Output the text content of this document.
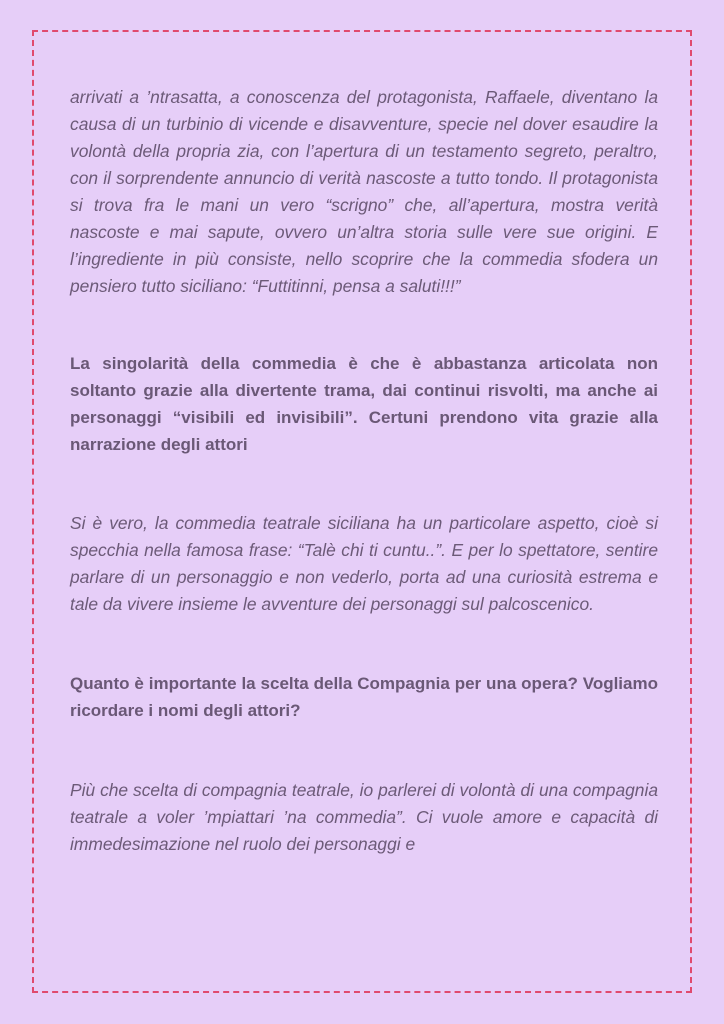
arrivati a ’ntrasatta, a conoscenza del protagonista, Raffaele, diventano la causa di un turbinio di vicende e disavventure, specie nel dover esaudire la volontà della propria zia, con l’apertura di un testamento segreto, peraltro, con il sorprendente annuncio di verità nascoste a tutto tondo. Il protagonista si trova fra le mani un vero “scrigno” che, all’apertura, mostra verità nascoste e mai sapute, ovvero un’altra storia sulle vere sue origini. E l’ingrediente in più consiste, nello scoprire che la commedia sfodera un pensiero tutto siciliano: “Futtitinni, pensa a saluti!!!”

La singolarità della commedia è che è abbastanza articolata non soltanto grazie alla divertente trama, dai continui risvolti, ma anche ai personaggi “visibili ed invisibili”. Certuni prendono vita grazie alla narrazione degli attori

Si è vero, la commedia teatrale siciliana ha un particolare aspetto, cioè si specchia nella famosa frase: “Talè chi ti cuntu..”. E per lo spettatore, sentire parlare di un personaggio e non vederlo, porta ad una curiosità estrema e tale da vivere insieme le avventure dei personaggi sul palcoscenico.

Quanto è importante la scelta della Compagnia per una opera? Vogliamo ricordare i nomi degli attori?

Più che scelta di compagnia teatrale, io parlerei di volontà di una compagnia teatrale a voler ’mpiattari ’na commedia”. Ci vuole amore e capacità di immedesimazione nel ruolo dei personaggi e
